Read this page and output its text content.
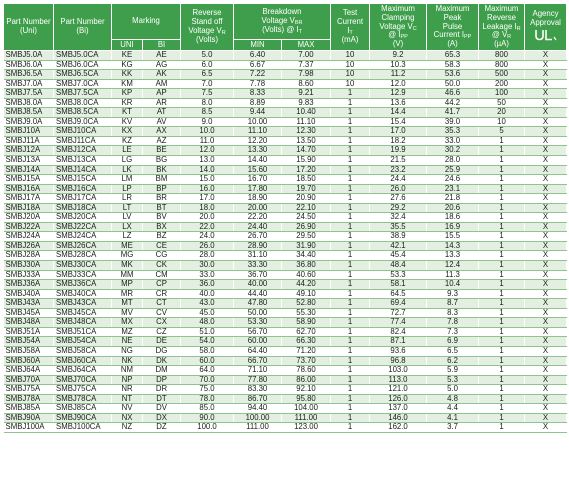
Part Number (Uni)	Part Number (Bi)	Marking		Reverse
Stand off
Voltage $V_R$
(Volts)	Breakdown
Voltage $V_{BR}$
(Volts) @ $I_T$		Test
Current
$I_T$
(mA)	Maximum
Clamping
Voltage $V_C$
@ $I_{PP}$
(V)	Maximum
Peak
Pulse
Current $I_{PP}$
(A)	Maximum
Reverse
Leakage $I_R$
@ $V_R$
(µA)	Agency
Approval

		UNI	BI		MIN	MAX					
SMBJ5.0A	SMBJ5.0CA	KE	AE	5.0	6.40	7.00	10	9.2	65.3	800	X
SMBJ6.0A	SMBJ6.0CA	KG	AG	6.0	6.67	7.37	10	10.3	58.3	800	X
SMBJ6.5A	SMBJ6.5CA	KK	AK	6.5	7.22	7.98	10	11.2	53.6	500	X
SMBJ7.0A	SMBJ7.0CA	KM	AM	7.0	7.78	8.60	10	12.0	50.0	200	X
SMBJ7.5A	SMBJ7.5CA	KP	AP	7.5	8.33	9.21	1	12.9	46.6	100	X
SMBJ8.0A	SMBJ8.0CA	KR	AR	8.0	8.89	9.83	1	13.6	44.2	50	X
SMBJ8.5A	SMBJ8.5CA	KT	AT	8.5	9.44	10.40	1	14.4	41.7	20	X
SMBJ9.0A	SMBJ9.0CA	KV	AV	9.0	10.00	11.10	1	15.4	39.0	10	X
SMBJ10A	SMBJ10CA	KX	AX	10.0	11.10	12.30	1	17.0	35.3	5	X
SMBJ11A	SMBJ11CA	KZ	AZ	11.0	12.20	13.50	1	18.2	33.0	1	X
SMBJ12A	SMBJ12CA	LE	BE	12.0	13.30	14.70	1	19.9	30.2	1	X
SMBJ13A	SMBJ13CA	LG	BG	13.0	14.40	15.90	1	21.5	28.0	1	X
SMBJ14A	SMBJ14CA	LK	BK	14.0	15.60	17.20	1	23.2	25.9	1	X
SMBJ15A	SMBJ15CA	LM	BM	15.0	16.70	18.50	1	24.4	24.6	1	X
SMBJ16A	SMBJ16CA	LP	BP	16.0	17.80	19.70	1	26.0	23.1	1	X
SMBJ17A	SMBJ17CA	LR	BR	17.0	18.90	20.90	1	27.6	21.8	1	X
SMBJ18A	SMBJ18CA	LT	BT	18.0	20.00	22.10	1	29.2	20.6	1	X
SMBJ20A	SMBJ20CA	LV	BV	20.0	22.20	24.50	1	32.4	18.6	1	X
SMBJ22A	SMBJ22CA	LX	BX	22.0	24.40	26.90	1	35.5	16.9	1	X
SMBJ24A	SMBJ24CA	LZ	BZ	24.0	26.70	29.50	1	38.9	15.5	1	X
SMBJ26A	SMBJ26CA	ME	CE	26.0	28.90	31.90	1	42.1	14.3	1	X
SMBJ28A	SMBJ28CA	MG	CG	28.0	31.10	34.40	1	45.4	13.3	1	X
SMBJ30A	SMBJ30CA	MK	CK	30.0	33.30	36.80	1	48.4	12.4	1	X
SMBJ33A	SMBJ33CA	MM	CM	33.0	36.70	40.60	1	53.3	11.3	1	X
SMBJ36A	SMBJ36CA	MP	CP	36.0	40.00	44.20	1	58.1	10.4	1	X
SMBJ40A	SMBJ40CA	MR	CR	40.0	44.40	49.10	1	64.5	9.3	1	X
SMBJ43A	SMBJ43CA	MT	CT	43.0	47.80	52.80	1	69.4	8.7	1	X
SMBJ45A	SMBJ45CA	MV	CV	45.0	50.00	55.30	1	72.7	8.3	1	X
SMBJ48A	SMBJ48CA	MX	CX	48.0	53.30	58.90	1	77.4	7.8	1	X
SMBJ51A	SMBJ51CA	MZ	CZ	51.0	56.70	62.70	1	82.4	7.3	1	X
SMBJ54A	SMBJ54CA	NE	DE	54.0	60.00	66.30	1	87.1	6.9	1	X
SMBJ58A	SMBJ58CA	NG	DG	58.0	64.40	71.20	1	93.6	6.5	1	X
SMBJ60A	SMBJ60CA	NK	DK	60.0	66.70	73.70	1	96.8	6.2	1	X
SMBJ64A	SMBJ64CA	NM	DM	64.0	71.10	78.60	1	103.0	5.9	1	X
SMBJ70A	SMBJ70CA	NP	DP	70.0	77.80	86.00	1	113.0	5.3	1	X
SMBJ75A	SMBJ75CA	NR	DR	75.0	83.30	92.10	1	121.0	5.0	1	X
SMBJ78A	SMBJ78CA	NT	DT	78.0	86.70	95.80	1	126.0	4.8	1	X
SMBJ85A	SMBJ85CA	NV	DV	85.0	94.40	104.00	1	137.0	4.4	1	X
SMBJ90A	SMBJ90CA	NX	DX	90.0	100.00	111.00	1	146.0	4.1	1	X
SMBJ100A	SMBJ100CA	NZ	DZ	100.0	111.00	123.00	1	162.0	3.7	1	X
